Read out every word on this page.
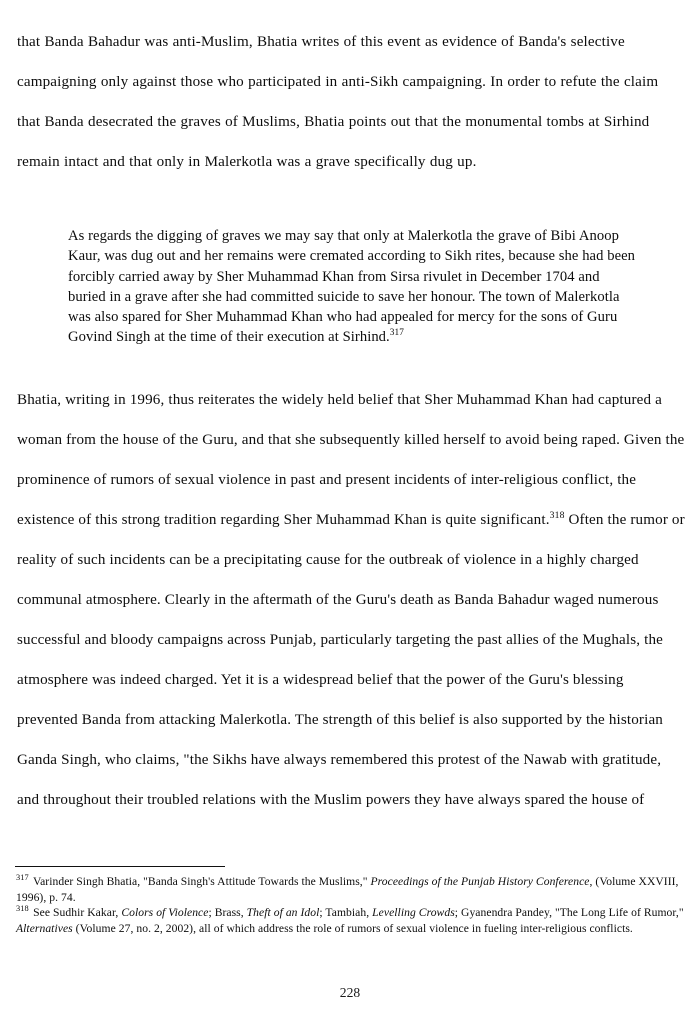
that Banda Bahadur was anti-Muslim, Bhatia writes of this event as evidence of Banda's selective campaigning only against those who participated in anti-Sikh campaigning. In order to refute the claim that Banda desecrated the graves of Muslims, Bhatia points out that the monumental tombs at Sirhind remain intact and that only in Malerkotla was a grave specifically dug up.

As regards the digging of graves we may say that only at Malerkotla the grave of Bibi Anoop Kaur, was dug out and her remains were cremated according to Sikh rites, because she had been forcibly carried away by Sher Muhammad Khan from Sirsa rivulet in December 1704 and buried in a grave after she had committed suicide to save her honour. The town of Malerkotla was also spared for Sher Muhammad Khan who had appealed for mercy for the sons of Guru Govind Singh at the time of their execution at Sirhind.$^{317}$
Bhatia, writing in 1996, thus reiterates the widely held belief that Sher Muhammad Khan had captured a woman from the house of the Guru, and that she subsequently killed herself to avoid being raped. Given the prominence of rumors of sexual violence in past and present incidents of inter-religious conflict, the existence of this strong tradition regarding Sher Muhammad Khan is quite significant.$^{318}$ Often the rumor or reality of such incidents can be a precipitating cause for the outbreak of violence in a highly charged communal atmosphere. Clearly in the aftermath of the Guru's death as Banda Bahadur waged numerous successful and bloody campaigns across Punjab, particularly targeting the past allies of the Mughals, the atmosphere was indeed charged. Yet it is a widespread belief that the power of the Guru's blessing prevented Banda from attacking Malerkotla. The strength of this belief is also supported by the historian Ganda Singh, who claims, "the Sikhs have always remembered this protest of the Nawab with gratitude, and throughout their troubled relations with the Muslim powers they have always spared the house of

$^{317}$ Varinder Singh Bhatia, "Banda Singh's Attitude Towards the Muslims," Proceedings of the Punjab History Conference, (Volume XXVIII, 1996), p. 74.

$^{318}$ See Sudhir Kakar, Colors of Violence; Brass, Theft of an Idol; Tambiah, Levelling Crowds; Gyanendra Pandey, "The Long Life of Rumor," Alternatives (Volume 27, no. 2, 2002), all of which address the role of rumors of sexual violence in fueling inter-religious conflicts.

228
